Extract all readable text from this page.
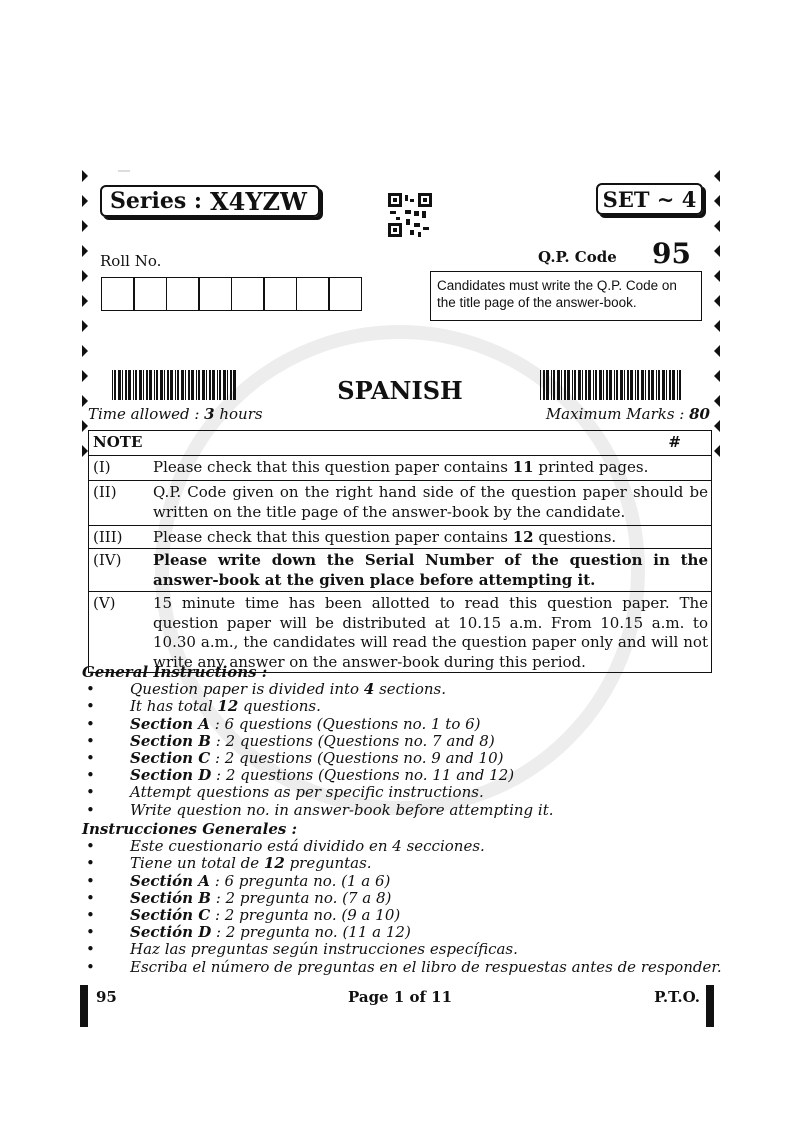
Series : X4YZW	SET ~ 4
Roll No.	Q.P. Code 95
Candidates must write the Q.P. Code on the title page of the answer-book.
SPANISH
Time allowed : 3 hours	Maximum Marks : 80
NOTE	#
(I)	Please check that this question paper contains 11 printed pages.
(II)	Q.P. Code given on the right hand side of the question paper should be written on the title page of the answer-book by the candidate.
(III)	Please check that this question paper contains 12 questions.
(IV)	Please write down the Serial Number of the question in the answer-book at the given place before attempting it.
(V)	15 minute time has been allotted to read this question paper. The question paper will be distributed at 10.15 a.m. From 10.15 a.m. to 10.30 a.m., the candidates will read the question paper only and will not write any answer on the answer-book during this period.
General Instructions :
• Question paper is divided into 4 sections.
• It has total 12 questions.
• Section A : 6 questions (Questions no. 1 to 6)
• Section B : 2 questions (Questions no. 7 and 8)
• Section C : 2 questions (Questions no. 9 and 10)
• Section D : 2 questions (Questions no. 11 and 12)
• Attempt questions as per specific instructions.
• Write question no. in answer-book before attempting it.
Instrucciones Generales :
• Este cuestionario está dividido en 4 secciones.
• Tiene un total de 12 preguntas.
• Sectión A : 6 pregunta no. (1 a 6)
• Sectión B : 2 pregunta no. (7 a 8)
• Sectión C : 2 pregunta no. (9 a 10)
• Sectión D : 2 pregunta no. (11 a 12)
• Haz las preguntas según instrucciones específicas.
• Escriba el número de preguntas en el libro de respuestas antes de responder.
95	Page 1 of 11	P.T.O.
